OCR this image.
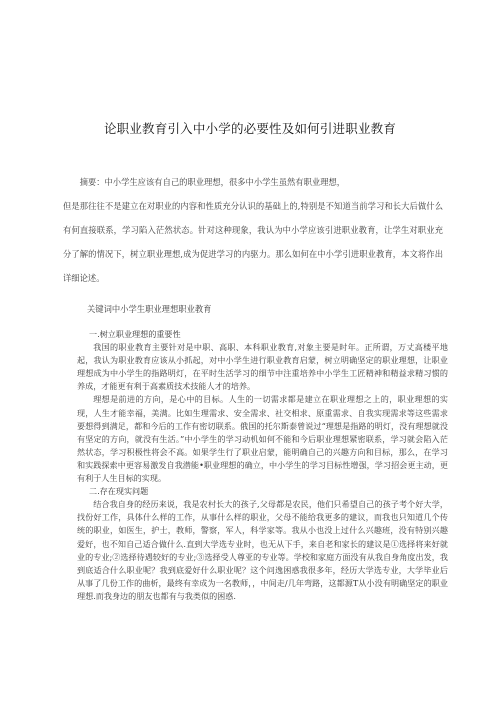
论职业教育引入中小学的必要性及如何引进职业教育

摘要：中小学生应该有自己的职业理想，很多中小学生虽然有职业理想，

但是那往往不是建立在对职业的内容和性质充分认识的基础上的,特别是不知道当前学习和长大后做什么有何直接联系，学习陷入茫然状态。针对这种现象，我认为中小学应该引进职业教育，让学生对职业充分了解的情况下，树立职业理想,成为促进学习的内驱力。那么如何在中小学引进职业教育，本文将作出详细论述。

关键词中小学生职业理想职业教育
一.树立职业理想的重要性

我国的职业教育主要针对是中职、高职、本科职业教育,对象主要是时年。正所谓，万丈高楼平地起，我认为职业教育应该从小抓起，对中小学生进行职业教育启蒙，树立明确坚定的职业理想，让职业理想成为中小学生的指路明灯，在平时生活学习的细节中注重培养中小学生工匠精神和精益求精习惯的养成，才能更有利于高素质技术技能人才的培养。

理想是前进的方向，是心中的目标。人生的一切需求都是建立在职业理想之上的，职业理想的实现，人生才能幸福，美满。比如生理需求、安全需求、社交相求、原重需求、自我实现需求等这些需求要想得到满足，都和今后的工作有密切联系。俄国的托尔斯泰曾说过“理想是指路的明灯，没有理想就没有坚定的方向，就没有生活。”中小学生的学习动机如何不能和今后职业理想紧密联系，学习就会陷入茫然状态，学习积极性将会不高。如果学生行了职业启蒙，能明确自己的兴趣方向和目标，那么，在学习和实践探索中更容易激发自我潜能•职业理想的确立，中小学生的学习目标性增强，学习招会更主动，更有利于人生目标的实现。

二.存在现实问题

结合我自身的经历来说，我是农村长大的孩子,父母都是农民，他们只希望自己的孩子考个好大学，找份好工作，具体什么样的工作，从事什么样的职业，父母不能给我更多的建议，而我也只知道几个传统的职业，如医生，护士，教师，警察，军人，科学家等。我从小也没上过什么兴趣班，没有特别兴趣爱好，也不知自己适合做什么.直到大学选专业时，也无从下手，来自老和家长的建议是①选择将来好就业的专业;②选择待遇较好的专业;③选择受人尊亚的专业等。学校和家庭方面没有从我自身角度出发，我到底适合什么职业呢？我到底爱好什么职业呢？这个问逸困惑我很多年，经历大学选专业，大学毕业后从事了几份工作的曲析，最终有幸成为一名教师，，中间走/几年弯路，这都源T从小没有明确坚定的职业理想.而我身边的朋友也都有与我类似的困惑.
